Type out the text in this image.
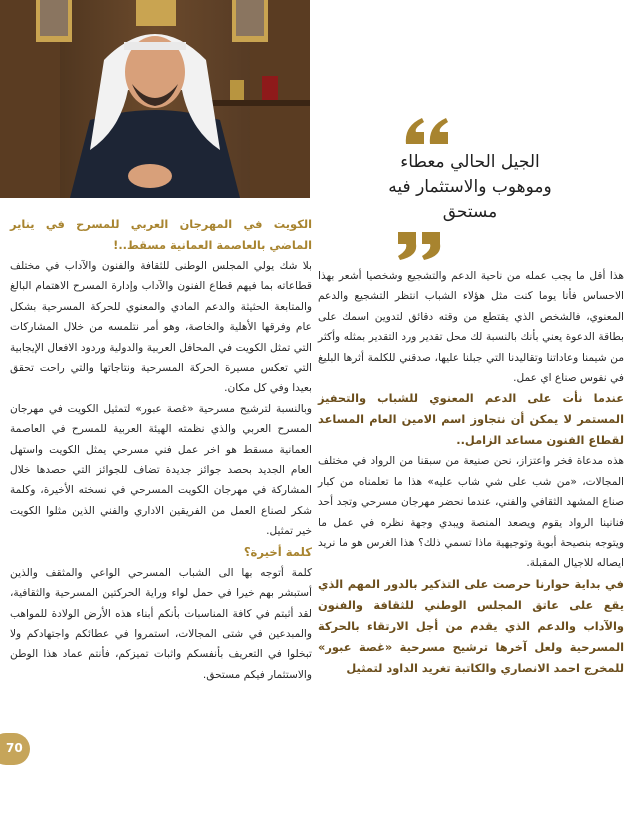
الجيل الحالي معطاء
وموهوب والاستثمار فيه
مستحق
الكويت في المهرجان العربي للمسرح في يناير الماضي بالعاصمة العمانية مسقط..!
بلا شك يولي المجلس الوطنى للثقافة والفنون والآداب في مختلف قطاعاته بما فيهم قطاع الفنون والآداب وإدارة المسرح الاهتمام البالغ والمتابعة الحثيثة والدعم المادي والمعنوي للحركة المسرحية بشكل عام وفرقها الأهلية والخاصة، وهو أمر نتلمسه من خلال المشاركات التي تمثل الكويت في المحافل العربية والدولية وردود الافعال الإيجابية التي تعكس مسيرة الحركة المسرحية ونتاجاتها والتي راحت تحقق بعيدا وفي كل مكان.
وبالنسبة لترشيح مسرحية «غصة عبور» لتمثيل الكويت في مهرجان المسرح العربي والذي نظمته الهيئة العربية للمسرح في العاصمة العمانية مسقط هو اخر عمل فني مسرحي يمثل الكويت واستهل العام الجديد بحصد جوائز جديدة تضاف للجوائز التي حصدها خلال المشاركة في مهرجان الكويت المسرحي في نسخته الأخيرة، وكلمة شكر لصناع العمل من الفريقين الاداري والفني الذين مثلوا الكويت خير تمثيل.
كلمة أخيرة؟
كلمة أتوجه بها الى الشباب المسرحي الواعي والمثقف والذين أستبشر بهم خيرا في حمل لواء وراية الحركتين المسرحية والثقافية، لقد أثبتم في كافة المناسبات بأنكم أبناء هذه الأرض الولادة للمواهب والمبدعين في شتى المجالات، استمروا في عطائكم واجتهادكم ولا تبخلوا في التعريف بأنفسكم واثبات تميزكم، فأنتم عماد هذا الوطن والاستثمار فيكم مستحق.
هذا أقل ما يجب عمله من ناحية الدعم والتشجيع وشخصيا أشعر بهذا الاحساس فأنا يوما كنت مثل هؤلاء الشباب انتظر التشجيع والدعم المعنوي، فالشخص الذي يقتطع من وقته دقائق لتدوين اسمك على بطاقة الدعوة يعني بأنك بالنسبة لك محل تقدير ورد التقدير بمثله وأكثر من شيمنا وعاداتنا وتقاليدنا التي جبلنا عليها، صدقني للكلمة أثرها البليغ في نفوس صناع اي عمل.
عندما نأت على الدعم المعنوي للشباب والتحفيز المستمر لا يمكن أن نتجاوز اسم الامين العام المساعد لقطاع الفنون مساعد الزامل..
هذه مدعاة فخر واعتزاز، نحن صنيعة من سبقنا من الرواد في مختلف المجالات، «من شب على شي شاب عليه» هذا ما تعلمناه من كبار صناع المشهد الثقافي والفني، عندما نحضر مهرجان مسرحي وتجد أحد فنانينا الرواد يقوم ويصعد المنصة ويبدي وجهة نظره في عمل ما ويتوجه بنصيحة أبوية وتوجيهية ماذا تسمي ذلك؟ هذا الغرس هو ما نريد ايصاله للاجيال المقبلة.
في بداية حوارنا حرصت على التذكير بالدور المهم الذي يقع على عاتق المجلس الوطني للثقافة والفنون والآداب والدعم الذي يقدم من أجل الارتقاء بالحركة المسرحية ولعل آخرها ترشيح مسرحية «غصة عبور» للمخرج احمد الانصاري والكاتبة تغريد الداود لتمثيل
70
